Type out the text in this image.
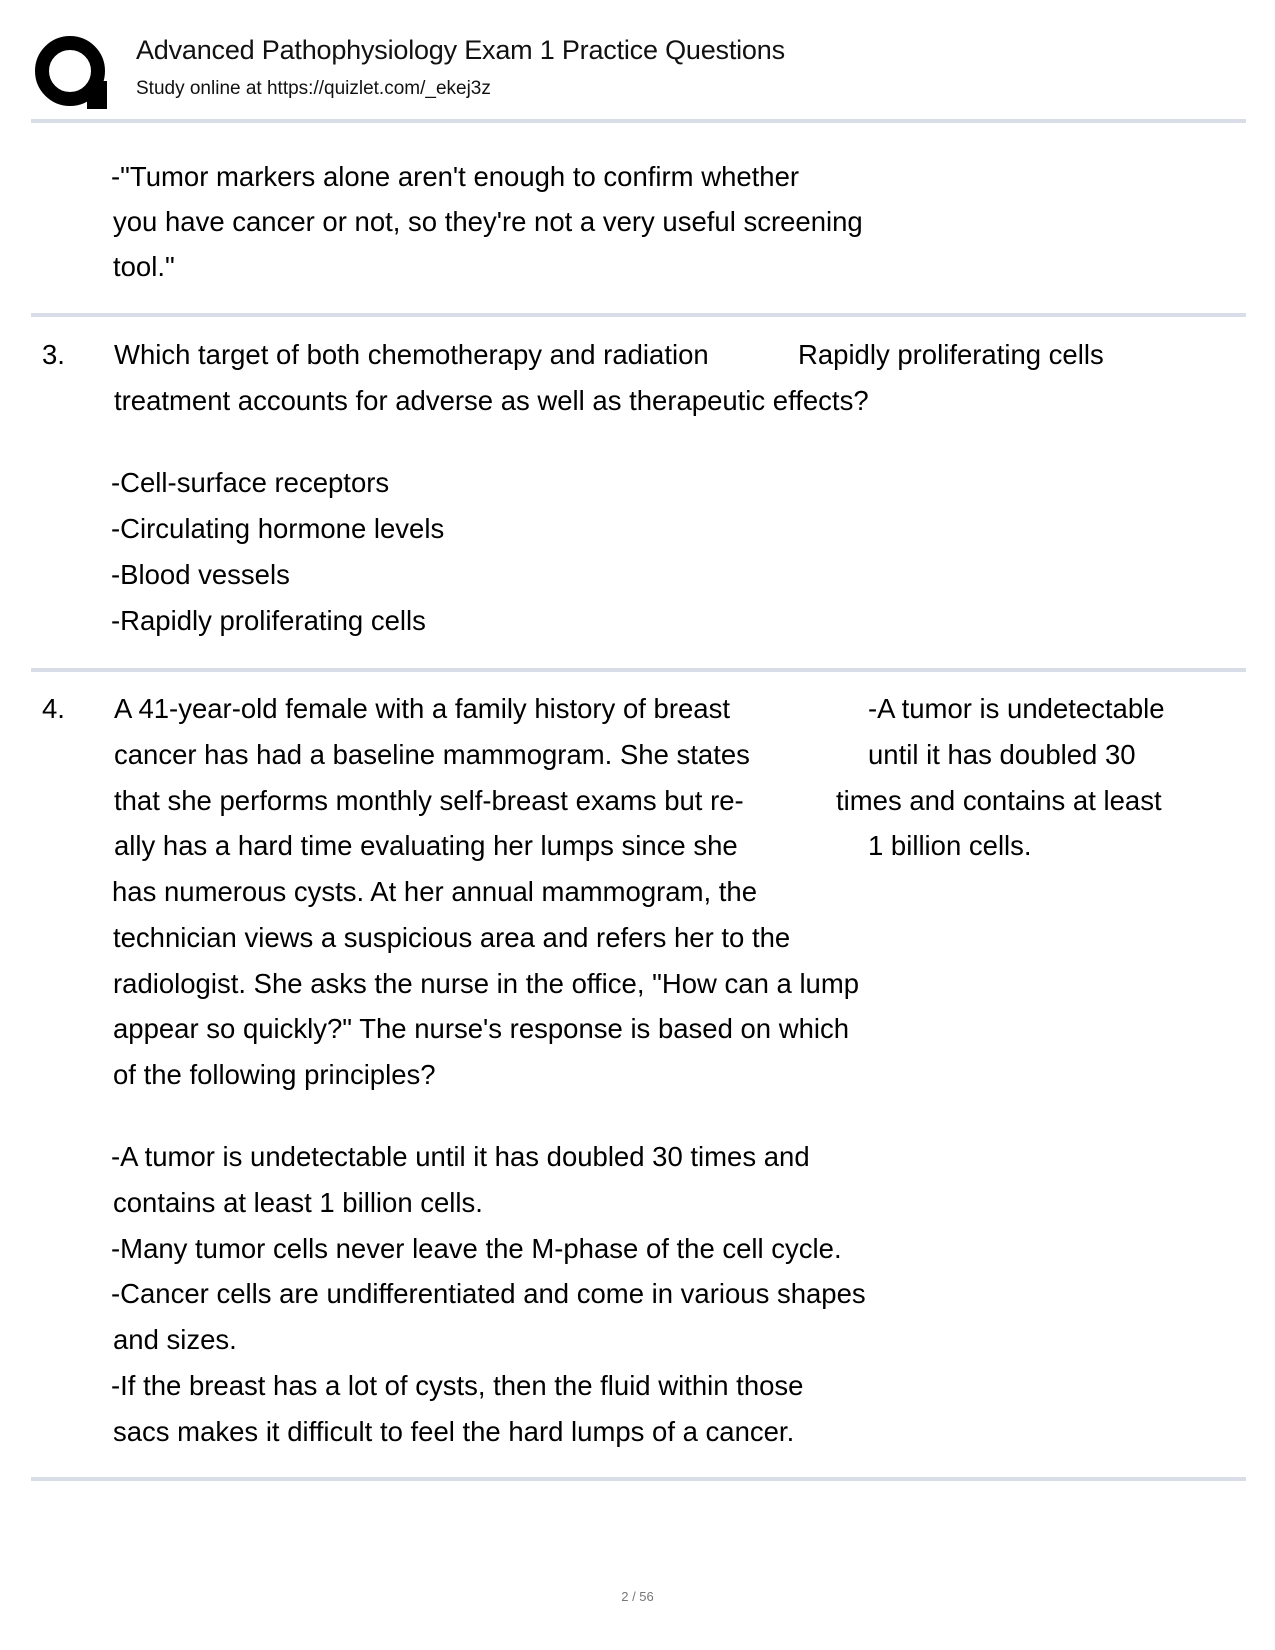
Advanced Pathophysiology Exam 1 Practice Questions
Study online at https://quizlet.com/_ekej3z
-"Tumor markers alone aren't enough to confirm whether
you have cancer or not, so they're not a very useful screening
tool."
3. Which target of both chemotherapy and radiation
treatment accounts for adverse as well as therapeutic effects?
Rapidly proliferating cells
-Cell-surface receptors
-Circulating hormone levels
-Blood vessels
-Rapidly proliferating cells
4. A 41-year-old female with a family history of breast
cancer has had a baseline mammogram. She states
that she performs monthly self-breast exams but re-
ally has a hard time evaluating her lumps since she
has numerous cysts. At her annual mammogram, the
technician views a suspicious area and refers her to the
radiologist. She asks the nurse in the office, "How can a lump
appear so quickly?" The nurse's response is based on which
of the following principles?
-A tumor is undetectable
until it has doubled 30
times and contains at least
1 billion cells.
-A tumor is undetectable until it has doubled 30 times and
contains at least 1 billion cells.
-Many tumor cells never leave the M-phase of the cell cycle.
-Cancer cells are undifferentiated and come in various shapes
and sizes.
-If the breast has a lot of cysts, then the fluid within those
sacs makes it difficult to feel the hard lumps of a cancer.
2 / 56
